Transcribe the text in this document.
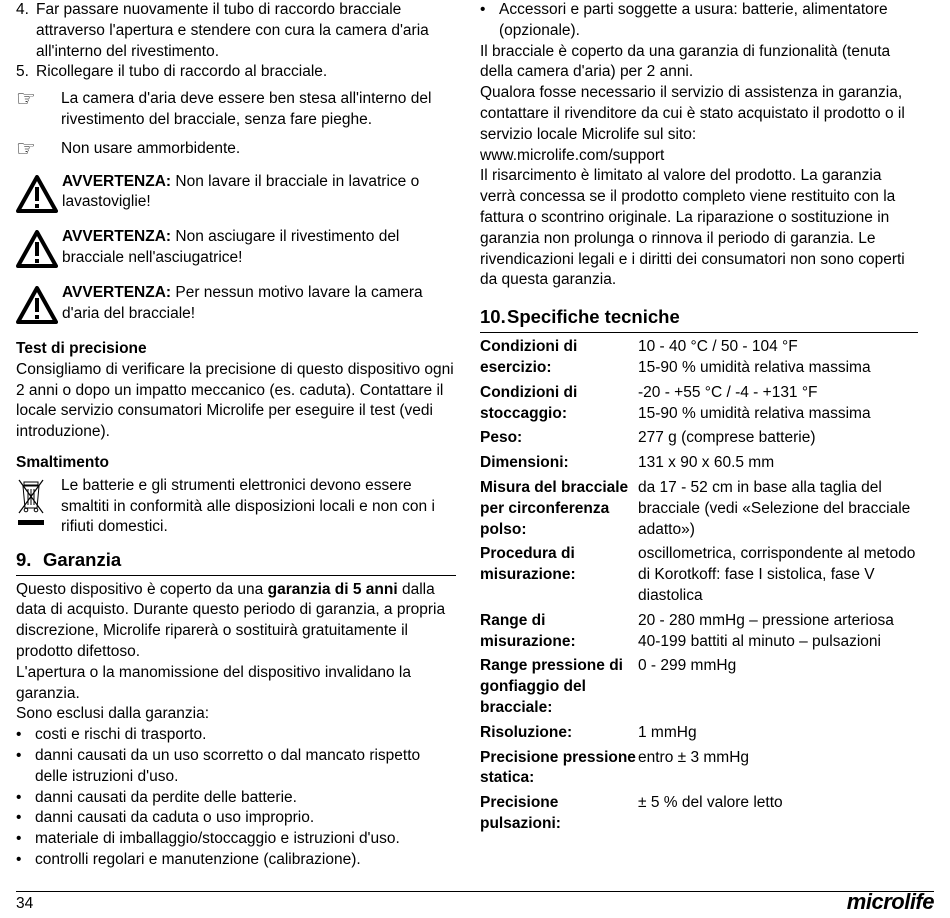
4. Far passare nuovamente il tubo di raccordo bracciale attraverso l'apertura e stendere con cura la camera d'aria all'interno del rivestimento.
5. Ricollegare il tubo di raccordo al bracciale.
☞	La camera d'aria deve essere ben stesa all'interno del rivestimento del bracciale, senza fare pieghe.
☞	Non usare ammorbidente.
AVVERTENZA: Non lavare il bracciale in lavatrice o lavastoviglie!
AVVERTENZA: Non asciugare il rivestimento del bracciale nell'asciugatrice!
AVVERTENZA: Per nessun motivo lavare la camera d'aria del bracciale!
Test di precisione

Consigliamo di verificare la precisione di questo dispositivo ogni 2 anni o dopo un impatto meccanico (es. caduta). Contattare il locale servizio consumatori Microlife per eseguire il test (vedi introduzione).

Smaltimento
Le batterie e gli strumenti elettronici devono essere smaltiti in conformità alle disposizioni locali e non con i rifiuti domestici.
9. Garanzia

Questo dispositivo è coperto da una garanzia di 5 anni dalla data di acquisto. Durante questo periodo di garanzia, a propria discrezione, Microlife riparerà o sostituirà gratuitamente il prodotto difettoso.

L'apertura o la manomissione del dispositivo invalidano la garanzia.

Sono esclusi dalla garanzia:

• costi e rischi di trasporto.
• danni causati da un uso scorretto o dal mancato rispetto delle istruzioni d'uso.
• danni causati da perdite delle batterie.
• danni causati da caduta o uso improprio.
• materiale di imballaggio/stoccaggio e istruzioni d'uso.
• controlli regolari e manutenzione (calibrazione).
• Accessori e parti soggette a usura: batterie, alimentatore (opzionale).

Il bracciale è coperto da una garanzia di funzionalità (tenuta della camera d'aria) per 2 anni.

Qualora fosse necessario il servizio di assistenza in garanzia, contattare il rivenditore da cui è stato acquistato il prodotto o il servizio locale Microlife sul sito:

www.microlife.com/support

Il risarcimento è limitato al valore del prodotto. La garanzia verrà concessa se il prodotto completo viene restituito con la fattura o scontrino originale. La riparazione o sostituzione in garanzia non prolunga o rinnova il periodo di garanzia. Le rivendicazioni legali e i diritti dei consumatori non sono coperti da questa garanzia.

10.Specifiche tecniche
Condizioni di esercizio:	10 - 40 °C / 50 - 104 °F
15-90 % umidità relativa massima
Condizioni di stoccaggio:	-20 - +55 °C / -4 - +131 °F
15-90 % umidità relativa massima
Peso:	277 g (comprese batterie)
Dimensioni:	131 x 90 x 60.5 mm
Misura del bracciale per circonferenza polso:	da 17 - 52 cm in base alla taglia del bracciale (vedi «Selezione del bracciale adatto»)
Procedura di misurazione:	oscillometrica, corrispondente al metodo di Korotkoff: fase I sistolica, fase V diastolica
Range di misurazione:	20 - 280 mmHg – pressione arteriosa
40-199 battiti al minuto – pulsazioni
Range pressione di gonfiaggio del bracciale:	0 - 299 mmHg
Risoluzione:	1 mmHg
Precisione pressione statica:	entro ± 3 mmHg
Precisione pulsazioni:	± 5 % del valore letto
34	microlife
